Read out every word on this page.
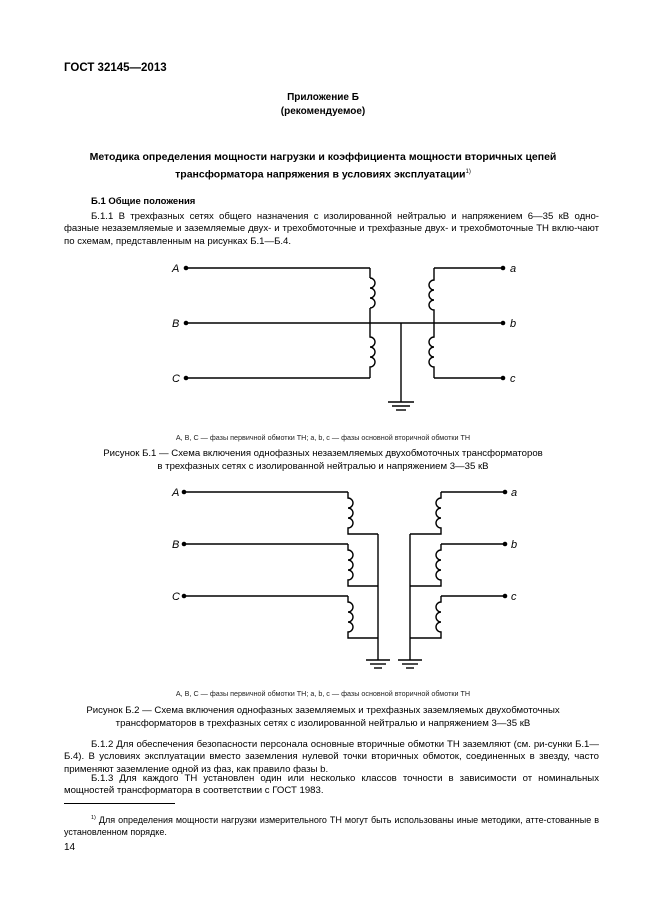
ГОСТ 32145—2013
Приложение Б
(рекомендуемое)
Методика определения мощности нагрузки и коэффициента мощности вторичных цепей
трансформатора напряжения в условиях эксплуатации$^{1)}$
Б.1 Общие положения
Б.1.1 В трехфазных сетях общего назначения с изолированной нейтралью и напряжением 6—35 кВ одно-фазные незаземляемые и заземляемые двух- и трехобмоточные и трехфазные двух- и трехобмоточные ТН вклю-чают по схемам, представленным на рисунках Б.1—Б.4.
A
B
C
a
b
c
A, B, C — фазы первичной обмотки ТН; a, b, c — фазы основной вторичной обмотки ТН
Рисунок Б.1 — Схема включения однофазных незаземляемых двухобмоточных трансформаторов
в трехфазных сетях с изолированной нейтралью и напряжением 3—35 кВ
A
B
C
a
b
c
A, B, C — фазы первичной обмотки ТН; a, b, c — фазы основной вторичной обмотки ТН
Рисунок Б.2 — Схема включения однофазных заземляемых и трехфазных заземляемых двухобмоточных
трансформаторов в трехфазных сетях с изолированной нейтралью и напряжением 3—35 кВ
Б.1.2 Для обеспечения безопасности персонала основные вторичные обмотки ТН заземляют (см. ри-сунки Б.1—Б.4). В условиях эксплуатации вместо заземления нулевой точки вторичных обмоток, соединенных в звезду, часто применяют заземление одной из фаз, как правило фазы b.
Б.1.3 Для каждого ТН установлен один или несколько классов точности в зависимости от номинальных мощностей трансформатора в соответствии с ГОСТ 1983.
$^{1)}$ Для определения мощности нагрузки измерительного ТН могут быть использованы иные методики, атте-стованные в установленном порядке.
14
